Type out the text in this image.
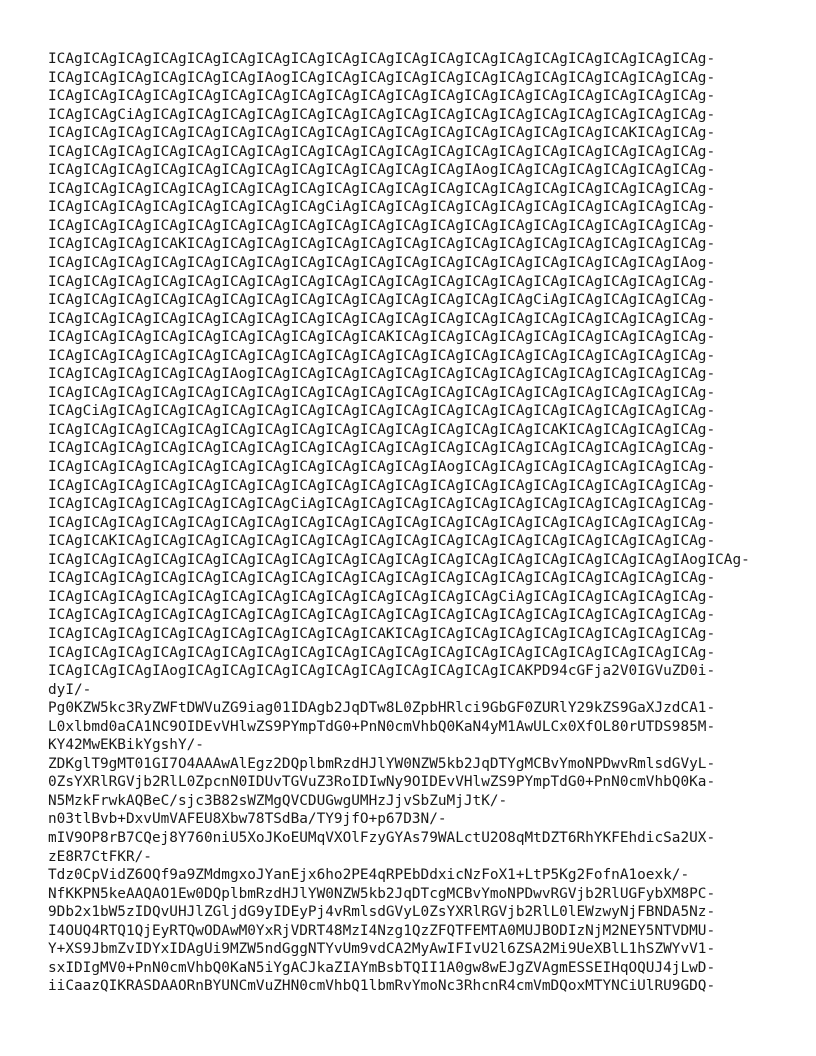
ICAgICAgICAgICAgICAgICAgICAgICAgICAgICAgICAgICAgICAgICAgICAgICAgICAgICAgICAg-
ICAgICAgICAgICAgICAgICAgIAogICAgICAgICAgICAgICAgICAgICAgICAgICAgICAgICAgICAg-
ICAgICAgICAgICAgICAgICAgICAgICAgICAgICAgICAgICAgICAgICAgICAgICAgICAgICAgICAg-
ICAgICAgCiAgICAgICAgICAgICAgICAgICAgICAgICAgICAgICAgICAgICAgICAgICAgICAgICAg-
ICAgICAgICAgICAgICAgICAgICAgICAgICAgICAgICAgICAgICAgICAgICAgICAgICAKICAgICAg-
ICAgICAgICAgICAgICAgICAgICAgICAgICAgICAgICAgICAgICAgICAgICAgICAgICAgICAgICAg-
ICAgICAgICAgICAgICAgICAgICAgICAgICAgICAgICAgICAgIAogICAgICAgICAgICAgICAgICAg-
ICAgICAgICAgICAgICAgICAgICAgICAgICAgICAgICAgICAgICAgICAgICAgICAgICAgICAgICAg-
ICAgICAgICAgICAgICAgICAgICAgICAgCiAgICAgICAgICAgICAgICAgICAgICAgICAgICAgICAg-
ICAgICAgICAgICAgICAgICAgICAgICAgICAgICAgICAgICAgICAgICAgICAgICAgICAgICAgICAg-
ICAgICAgICAgICAKICAgICAgICAgICAgICAgICAgICAgICAgICAgICAgICAgICAgICAgICAgICAg-
ICAgICAgICAgICAgICAgICAgICAgICAgICAgICAgICAgICAgICAgICAgICAgICAgICAgICAgIAog-
ICAgICAgICAgICAgICAgICAgICAgICAgICAgICAgICAgICAgICAgICAgICAgICAgICAgICAgICAg-
ICAgICAgICAgICAgICAgICAgICAgICAgICAgICAgICAgICAgICAgICAgCiAgICAgICAgICAgICAg-
ICAgICAgICAgICAgICAgICAgICAgICAgICAgICAgICAgICAgICAgICAgICAgICAgICAgICAgICAg-
ICAgICAgICAgICAgICAgICAgICAgICAgICAgICAKICAgICAgICAgICAgICAgICAgICAgICAgICAg-
ICAgICAgICAgICAgICAgICAgICAgICAgICAgICAgICAgICAgICAgICAgICAgICAgICAgICAgICAg-
ICAgICAgICAgICAgICAgIAogICAgICAgICAgICAgICAgICAgICAgICAgICAgICAgICAgICAgICAg-
ICAgICAgICAgICAgICAgICAgICAgICAgICAgICAgICAgICAgICAgICAgICAgICAgICAgICAgICAg-
ICAgCiAgICAgICAgICAgICAgICAgICAgICAgICAgICAgICAgICAgICAgICAgICAgICAgICAgICAg-
ICAgICAgICAgICAgICAgICAgICAgICAgICAgICAgICAgICAgICAgICAgICAKICAgICAgICAgICAg-
ICAgICAgICAgICAgICAgICAgICAgICAgICAgICAgICAgICAgICAgICAgICAgICAgICAgICAgICAg-
ICAgICAgICAgICAgICAgICAgICAgICAgICAgICAgICAgIAogICAgICAgICAgICAgICAgICAgICAg-
ICAgICAgICAgICAgICAgICAgICAgICAgICAgICAgICAgICAgICAgICAgICAgICAgICAgICAgICAg-
ICAgICAgICAgICAgICAgICAgICAgCiAgICAgICAgICAgICAgICAgICAgICAgICAgICAgICAgICAg-
ICAgICAgICAgICAgICAgICAgICAgICAgICAgICAgICAgICAgICAgICAgICAgICAgICAgICAgICAg-
ICAgICAKICAgICAgICAgICAgICAgICAgICAgICAgICAgICAgICAgICAgICAgICAgICAgICAgICAg-
ICAgICAgICAgICAgICAgICAgICAgICAgICAgICAgICAgICAgICAgICAgICAgICAgICAgICAgIAogICAg-
ICAgICAgICAgICAgICAgICAgICAgICAgICAgICAgICAgICAgICAgICAgICAgICAgICAgICAgICAg-
ICAgICAgICAgICAgICAgICAgICAgICAgICAgICAgICAgICAgICAgCiAgICAgICAgICAgICAgICAg-
ICAgICAgICAgICAgICAgICAgICAgICAgICAgICAgICAgICAgICAgICAgICAgICAgICAgICAgICAg-
ICAgICAgICAgICAgICAgICAgICAgICAgICAgICAKICAgICAgICAgICAgICAgICAgICAgICAgICAg-
ICAgICAgICAgICAgICAgICAgICAgICAgICAgICAgICAgICAgICAgICAgICAgICAgICAgICAgICAg-
ICAgICAgICAgIAogICAgICAgICAgICAgICAgICAgICAgICAgICAgICAKPD94cGFja2V0IGVuZD0i-
dyI/-
Pg0KZW5kc3RyZWFtDWVuZG9iag01IDAgb2JqDTw8L0ZpbHRlci9GbGF0ZURlY29kZS9GaXJzdCA1-
L0xlbmd0aCA1NC9OIDEvVHlwZS9PYmpTdG0+PnN0cmVhbQ0KaN4yM1AwULCx0XfOL80rUTDS985M-
KY42MwEKBikYgshY/-
ZDKglT9gMT01GI7O4AAAwAlEgz2DQplbmRzdHJlYW0NZW5kb2JqDTYgMCBvYmoNPDwvRmlsdGVyL-
0ZsYXRlRGVjb2RlL0ZpcnN0IDUvTGVuZ3RoIDIwNy9OIDEvVHlwZS9PYmpTdG0+PnN0cmVhbQ0Ka-
N5MzkFrwkAQBeC/sjc3B82sWZMgQVCDUGwgUMHzJjvSbZuMjJtK/-
n03tlBvb+DxvUmVAFEU8Xbw78TSdBa/TY9jfO+p67D3N/-
mIV9OP8rB7CQej8Y760niU5XoJKoEUMqVXOlFzyGYAs79WALctU2O8qMtDZT6RhYKFEhdicSa2UX-
zE8R7CtFKR/-
Tdz0CpVidZ6OQf9a9ZMdmgxoJYanEjx6ho2PE4qRPEbDdxicNzFoX1+LtP5Kg2FofnA1oexk/-
NfKKPN5keAAQAO1Ew0DQplbmRzdHJlYW0NZW5kb2JqDTcgMCBvYmoNPDwvRGVjb2RlUGFybXM8PC-
9Db2x1bW5zIDQvUHJlZGljdG9yIDEyPj4vRmlsdGVyL0ZsYXRlRGVjb2RlL0lEWzwyNjFBNDA5Nz-
I4OUQ4RTQ1QjEyRTQwODAwM0YxRjVDRT48MzI4Nzg1QzZFQTFEMTA0MUJBODIzNjM2NEY5NTVDMU-
Y+XS9JbmZvIDYxIDAgUi9MZW5ndGggNTYvUm9vdCA2MyAwIFIvU2l6ZSA2Mi9UeXBlL1hSZWYvV1-
sxIDIgMV0+PnN0cmVhbQ0KaN5iYgACJkaZIAYmBsbTQII1A0gw8wEJgZVAgmESSEIHqOQUJ4jLwD-
iiCaazQIKRASDAAORnBYUNCmVuZHN0cmVhbQ1lbmRvYmoNc3RhcnR4cmVmDQoxMTYNCiUlRU9GDQ-
